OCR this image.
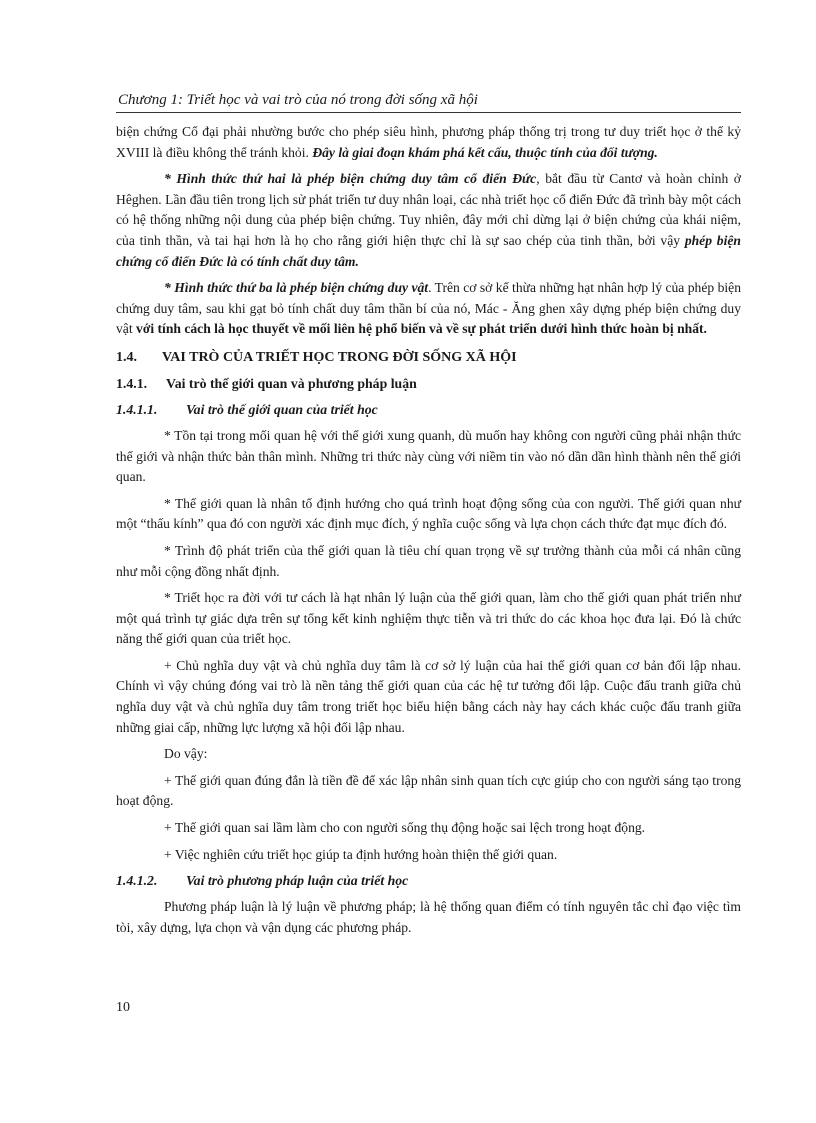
Chương 1: Triết học và vai trò của nó trong đời sống xã hội

biện chứng Cổ đại phải nhường bước cho phép siêu hình, phương pháp thống trị trong tư duy triết học ở thế kỷ XVIII là điều không thể tránh khỏi. Đây là giai đoạn khám phá kết cấu, thuộc tính của đối tượng.

* Hình thức thứ hai là phép biện chứng duy tâm cổ điển Đức, bắt đầu từ Cantơ và hoàn chỉnh ở Hêghen. Lần đầu tiên trong lịch sử phát triển tư duy nhân loại, các nhà triết học cổ điển Đức đã trình bày một cách có hệ thống những nội dung của phép biện chứng. Tuy nhiên, đây mới chỉ dừng lại ở biện chứng của khái niệm, của tinh thần, và tai hại hơn là họ cho rằng giới hiện thực chỉ là sự sao chép của tinh thần, bởi vậy phép biện chứng cổ điển Đức là có tính chất duy tâm.

* Hình thức thứ ba là phép biện chứng duy vật. Trên cơ sở kế thừa những hạt nhân hợp lý của phép biện chứng duy tâm, sau khi gạt bỏ tính chất duy tâm thần bí của nó, Mác - Ăng ghen xây dựng phép biện chứng duy vật với tính cách là học thuyết về mối liên hệ phổ biến và về sự phát triển dưới hình thức hoàn bị nhất.

1.4. VAI TRÒ CỦA TRIẾT HỌC TRONG ĐỜI SỐNG XÃ HỘI
1.4.1. Vai trò thế giới quan và phương pháp luận
1.4.1.1. Vai trò thế giới quan của triết học

* Tồn tại trong mối quan hệ với thế giới xung quanh, dù muốn hay không con người cũng phải nhận thức thế giới và nhận thức bản thân mình. Những tri thức này cùng với niềm tin vào nó dần dần hình thành nên thế giới quan.

* Thế giới quan là nhân tố định hướng cho quá trình hoạt động sống của con người. Thế giới quan như một “thấu kính” qua đó con người xác định mục đích, ý nghĩa cuộc sống và lựa chọn cách thức đạt mục đích đó.

* Trình độ phát triển của thế giới quan là tiêu chí quan trọng về sự trưởng thành của mỗi cá nhân cũng như mỗi cộng đồng nhất định.

* Triết học ra đời với tư cách là hạt nhân lý luận của thế giới quan, làm cho thế giới quan phát triển như một quá trình tự giác dựa trên sự tổng kết kinh nghiệm thực tiễn và tri thức do các khoa học đưa lại. Đó là chức năng thế giới quan của triết học.

+ Chủ nghĩa duy vật và chủ nghĩa duy tâm là cơ sở lý luận của hai thế giới quan cơ bản đối lập nhau. Chính vì vậy chúng đóng vai trò là nền tảng thế giới quan của các hệ tư tưởng đối lập. Cuộc đấu tranh giữa chủ nghĩa duy vật và chủ nghĩa duy tâm trong triết học biểu hiện bằng cách này hay cách khác cuộc đấu tranh giữa những giai cấp, những lực lượng xã hội đối lập nhau.

Do vậy:

+ Thế giới quan đúng đắn là tiền đề để xác lập nhân sinh quan tích cực giúp cho con người sáng tạo trong hoạt động.

+ Thế giới quan sai lầm làm cho con người sống thụ động hoặc sai lệch trong hoạt động.

+ Việc nghiên cứu triết học giúp ta định hướng hoàn thiện thế giới quan.

1.4.1.2. Vai trò phương pháp luận của triết học

Phương pháp luận là lý luận về phương pháp; là hệ thống quan điểm có tính nguyên tắc chỉ đạo việc tìm tòi, xây dựng, lựa chọn và vận dụng các phương pháp.

10
